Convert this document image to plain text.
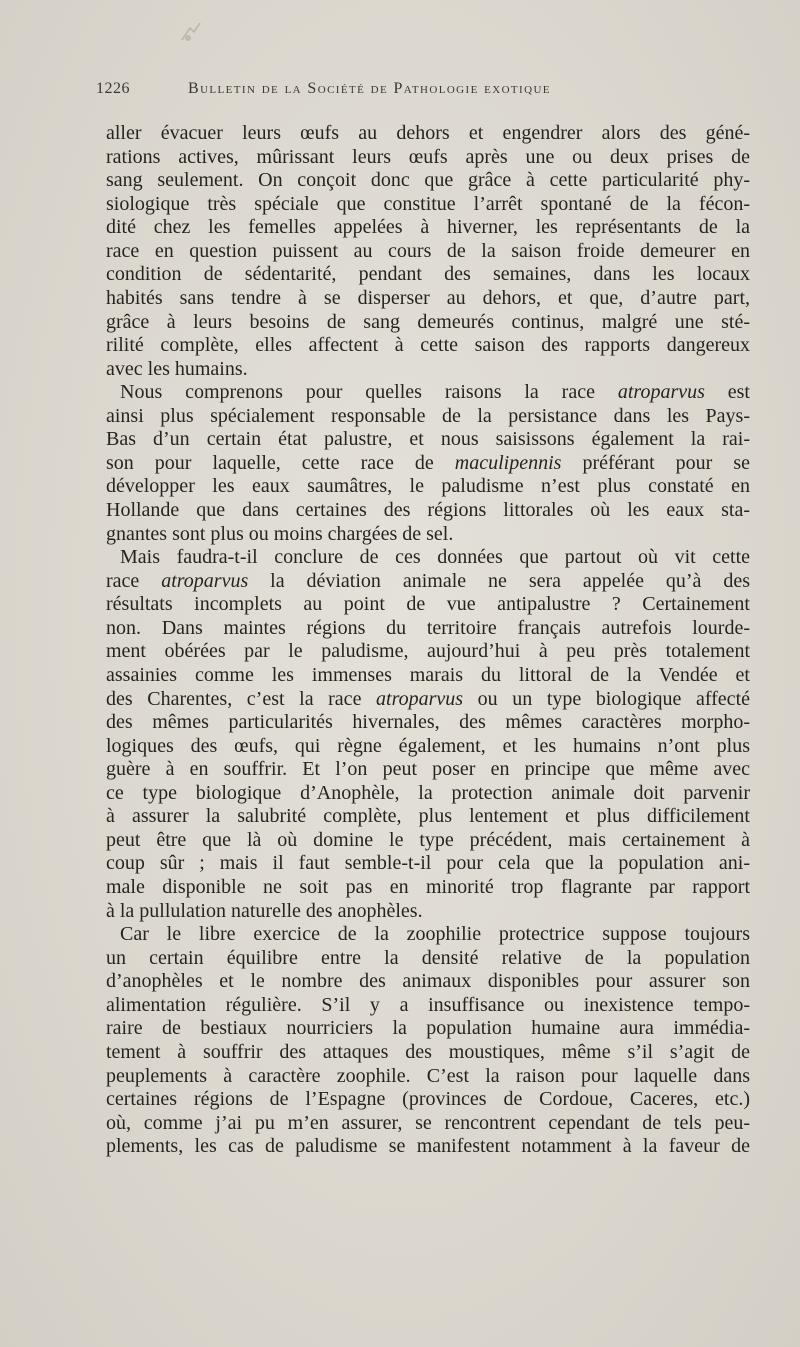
1226	Bulletin de la Société de Pathologie exotique
aller évacuer leurs œufs au dehors et engendrer alors des géné-
rations actives, mûrissant leurs œufs après une ou deux prises de
sang seulement. On conçoit donc que grâce à cette particularité phy-
siologique très spéciale que constitue l’arrêt spontané de la fécon-
dité chez les femelles appelées à hiverner, les représentants de la
race en question puissent au cours de la saison froide demeurer en
condition de sédentarité, pendant des semaines, dans les locaux
habités sans tendre à se disperser au dehors, et que, d’autre part,
grâce à leurs besoins de sang demeurés continus, malgré une sté-
rilité complète, elles affectent à cette saison des rapports dangereux
avec les humains.
Nous comprenons pour quelles raisons la race atroparvus est
ainsi plus spécialement responsable de la persistance dans les Pays-
Bas d’un certain état palustre, et nous saisissons également la rai-
son pour laquelle, cette race de maculipennis préférant pour se
développer les eaux saumâtres, le paludisme n’est plus constaté en
Hollande que dans certaines des régions littorales où les eaux sta-
gnantes sont plus ou moins chargées de sel.
Mais faudra-t-il conclure de ces données que partout où vit cette
race atroparvus la déviation animale ne sera appelée qu’à des
résultats incomplets au point de vue antipalustre ? Certainement
non. Dans maintes régions du territoire français autrefois lourde-
ment obérées par le paludisme, aujourd’hui à peu près totalement
assainies comme les immenses marais du littoral de la Vendée et
des Charentes, c’est la race atroparvus ou un type biologique affecté
des mêmes particularités hivernales, des mêmes caractères morpho-
logiques des œufs, qui règne également, et les humains n’ont plus
guère à en souffrir. Et l’on peut poser en principe que même avec
ce type biologique d’Anophèle, la protection animale doit parvenir
à assurer la salubrité complète, plus lentement et plus difficilement
peut être que là où domine le type précédent, mais certainement à
coup sûr ; mais il faut semble-t-il pour cela que la population ani-
male disponible ne soit pas en minorité trop flagrante par rapport
à la pullulation naturelle des anophèles.
Car le libre exercice de la zoophilie protectrice suppose toujours
un certain équilibre entre la densité relative de la population
d’anophèles et le nombre des animaux disponibles pour assurer son
alimentation régulière. S’il y a insuffisance ou inexistence tempo-
raire de bestiaux nourriciers la population humaine aura immédia-
tement à souffrir des attaques des moustiques, même s’il s’agit de
peuplements à caractère zoophile. C’est la raison pour laquelle dans
certaines régions de l’Espagne (provinces de Cordoue, Caceres, etc.)
où, comme j’ai pu m’en assurer, se rencontrent cependant de tels peu-
plements, les cas de paludisme se manifestent notamment à la faveur de
